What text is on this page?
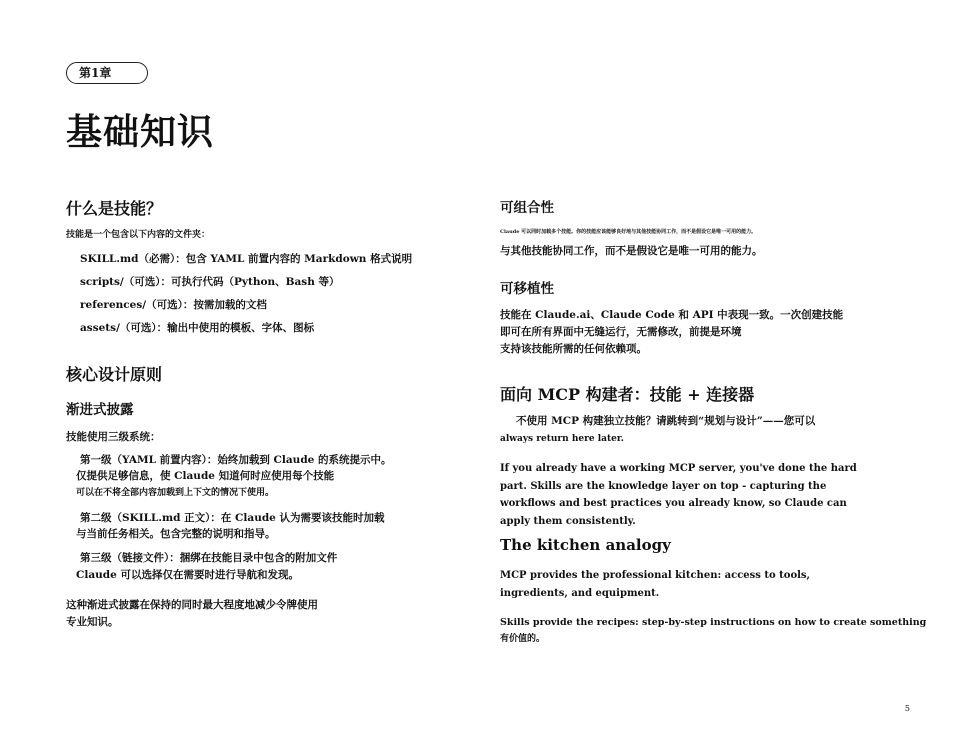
第1章
基础知识
什么是技能？
技能是一个包含以下内容的文件夹：
SKILL.md（必需）：包含 YAML 前置内容的 Markdown 格式说明
scripts/（可选）：可执行代码（Python、Bash 等）
references/（可选）：按需加载的文档
assets/（可选）：输出中使用的模板、字体、图标
核心设计原则
渐进式披露
技能使用三级系统：
第一级（YAML 前置内容）：始终加载到 Claude 的系统提示中。
仅提供足够信息，使 Claude 知道何时应使用每个技能
可以在不将全部内容加载到上下文的情况下使用。
第二级（SKILL.md 正文）：在 Claude 认为需要该技能时加载
与当前任务相关。包含完整的说明和指导。
第三级（链接文件）：捆绑在技能目录中包含的附加文件
Claude 可以选择仅在需要时进行导航和发现。
这种渐进式披露在保持的同时最大程度地减少令牌使用
专业知识。
可组合性
Claude 可以同时加载多个技能。你的技能应该能够良好地与其他技能协同工作，而不是假设它是唯一可用的能力。
与其他技能协同工作，而不是假设它是唯一可用的能力。
可移植性
技能在 Claude.ai、Claude Code 和 API 中表现一致。一次创建技能
即可在所有界面中无缝运行，无需修改，前提是环境
支持该技能所需的任何依赖项。
面向 MCP 构建者：技能 + 连接器
不使用 MCP 构建独立技能？请跳转到“规划与设计”——您可以
always return here later.
If you already have a working MCP server, you've done the hard part. Skills are the knowledge layer on top - capturing the workflows and best practices you already know, so Claude can apply them consistently.
The kitchen analogy
MCP provides the professional kitchen: access to tools, ingredients, and equipment.
Skills provide the recipes: step-by-step instructions on how to create something
有价值的。
5
